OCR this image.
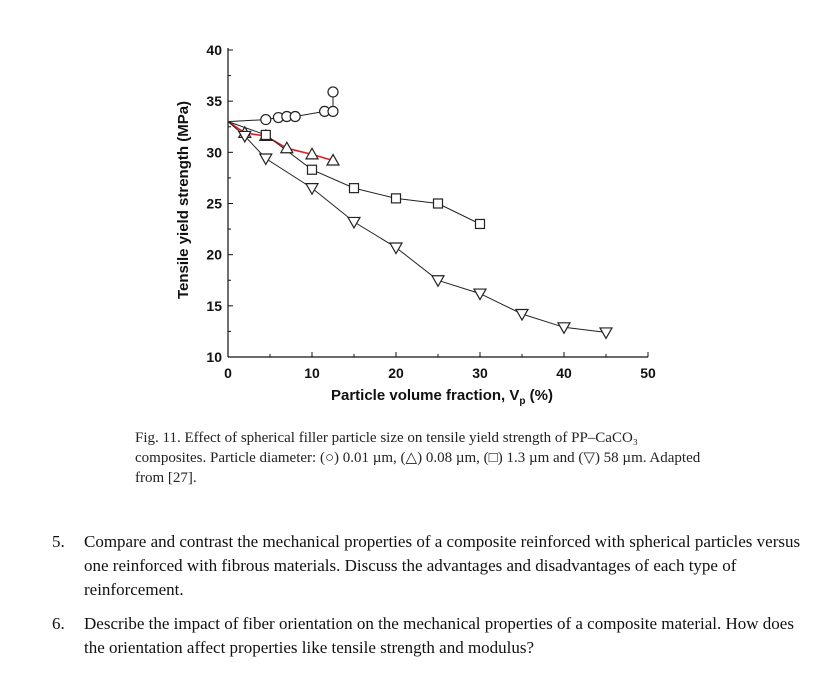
0	10	20	30	40	50
10
15
20
25
30
35
40
Tensile yield strength (MPa)
Particle volume fraction, $V_p$ (%)

Fig. 11. Effect of spherical filler particle size on tensile yield strength of PP–CaCO₃ composites. Particle diameter: (○) 0.01 µm, (△) 0.08 µm, (□) 1.3 µm and (▽) 58 µm. Adapted from [27].

5.	Compare and contrast the mechanical properties of a composite reinforced with spherical particles versus one reinforced with fibrous materials. Discuss the advantages and disadvantages of each type of reinforcement.
6.	Describe the impact of fiber orientation on the mechanical properties of a composite material. How does the orientation affect properties like tensile strength and modulus?
